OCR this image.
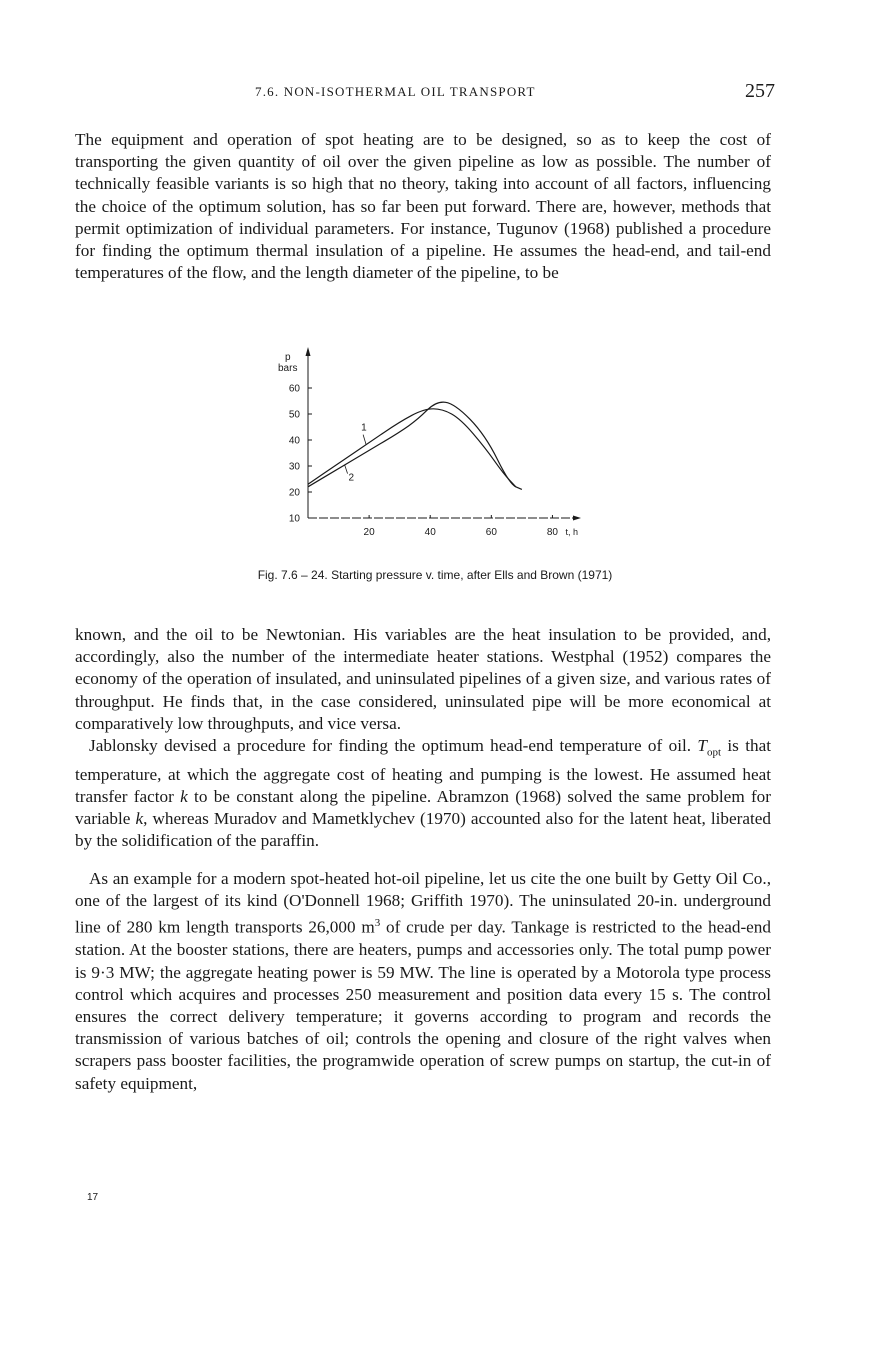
7.6. NON-ISOTHERMAL OIL TRANSPORT	257

The equipment and operation of spot heating are to be designed, so as to keep the cost of transporting the given quantity of oil over the given pipeline as low as possible. The number of technically feasible variants is so high that no theory, taking into account of all factors, influencing the choice of the optimum solution, has so far been put forward. There are, however, methods that permit optimization of individual parameters. For instance, Tugunov (1968) published a procedure for finding the optimum thermal insulation of a pipeline. He assumes the head-end, and tail-end temperatures of the flow, and the length diameter of the pipeline, to be

p
bars
10
20
30
40
50
60
20	40	60	80 t, h
1
2
Fig. 7.6 – 24. Starting pressure v. time, after Ells and Brown (1971)

known, and the oil to be Newtonian. His variables are the heat insulation to be provided, and, accordingly, also the number of the intermediate heater stations. Westphal (1952) compares the economy of the operation of insulated, and uninsulated pipelines of a given size, and various rates of throughput. He finds that, in the case considered, uninsulated pipe will be more economical at comparatively low throughputs, and vice versa.

Jablonsky devised a procedure for finding the optimum head-end temperature of oil. $T_{opt}$ is that temperature, at which the aggregate cost of heating and pumping is the lowest. He assumed heat transfer factor k to be constant along the pipeline. Abramzon (1968) solved the same problem for variable k, whereas Muradov and Mametklychev (1970) accounted also for the latent heat, liberated by the solidification of the paraffin.

As an example for a modern spot-heated hot-oil pipeline, let us cite the one built by Getty Oil Co., one of the largest of its kind (O'Donnell 1968; Griffith 1970). The uninsulated 20-in. underground line of 280 km length transports 26,000 $m^3$ of crude per day. Tankage is restricted to the head-end station. At the booster stations, there are heaters, pumps and accessories only. The total pump power is 9·3 MW; the aggregate heating power is 59 MW. The line is operated by a Motorola type process control which acquires and processes 250 measurement and position data every 15 s. The control ensures the correct delivery temperature; it governs according to program and records the transmission of various batches of oil; controls the opening and closure of the right valves when scrapers pass booster facilities, the programwide operation of screw pumps on startup, the cut-in of safety equipment,

17
